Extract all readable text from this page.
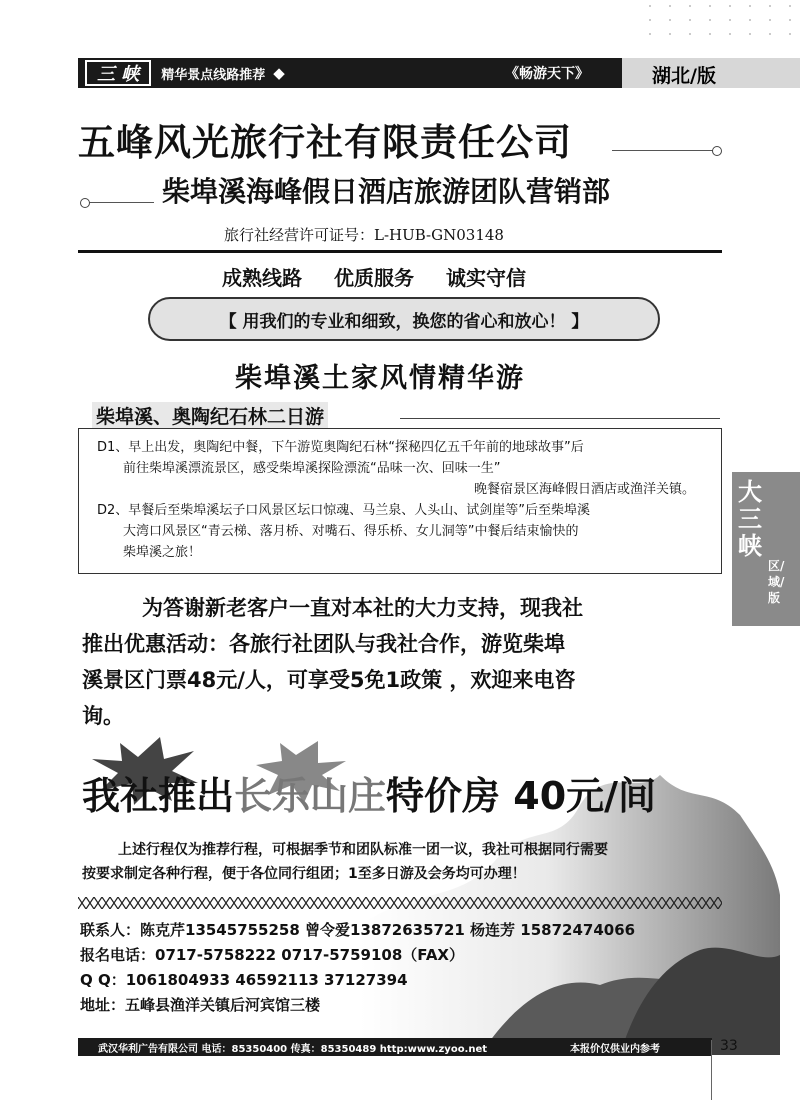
三 峡	精华景点线路推荐 ◆	《畅游天下》	湖北/版
五峰风光旅行社有限责任公司
柴埠溪海峰假日酒店旅游团队营销部
旅行社经营许可证号：L-HUB-GN03148
成熟线路 优质服务 诚实守信
【 用我们的专业和细致，换您的省心和放心！ 】
柴埠溪土家风情精华游
柴埠溪、奥陶纪石林二日游
D1、早上出发，奥陶纪中餐，下午游览奥陶纪石林“探秘四亿五千年前的地球故事”后
前往柴埠溪漂流景区，感受柴埠溪探险漂流“品味一次、回味一生”
晚餐宿景区海峰假日酒店或渔洋关镇。
D2、早餐后至柴埠溪坛子口风景区坛口惊魂、马兰泉、人头山、试剑崖等”后至柴埠溪
大湾口风景区“青云梯、落月桥、对嘴石、得乐桥、女儿洞等”中餐后结束愉快的
柴埠溪之旅！

为答谢新老客户一直对本社的大力支持，现我社

推出优惠活动：各旅行社团队与我社合作，游览柴埠

溪景区门票48元/人，可享受5免1政策 ，欢迎来电咨

询。

我社推出长乐山庄特价房 40元/间

上述行程仅为推荐行程，可根据季节和团队标准一团一议，我社可根据同行需要

按要求制定各种行程，便于各位同行组团；1至多日游及会务均可办理！

联系人：陈克芹13545755258 曾令爱13872635721 杨连芳 15872474066
报名电话：0717-5758222 0717-5759108（FAX）
Q Q：1061804933 46592113 37127394
地址：五峰县渔洋关镇后河宾馆三楼
武汉华利广告有限公司 电话：85350400 传真：85350489 http:www.zyoo.net	本报价仅供业内参考	33
大三峡
区/域/版
